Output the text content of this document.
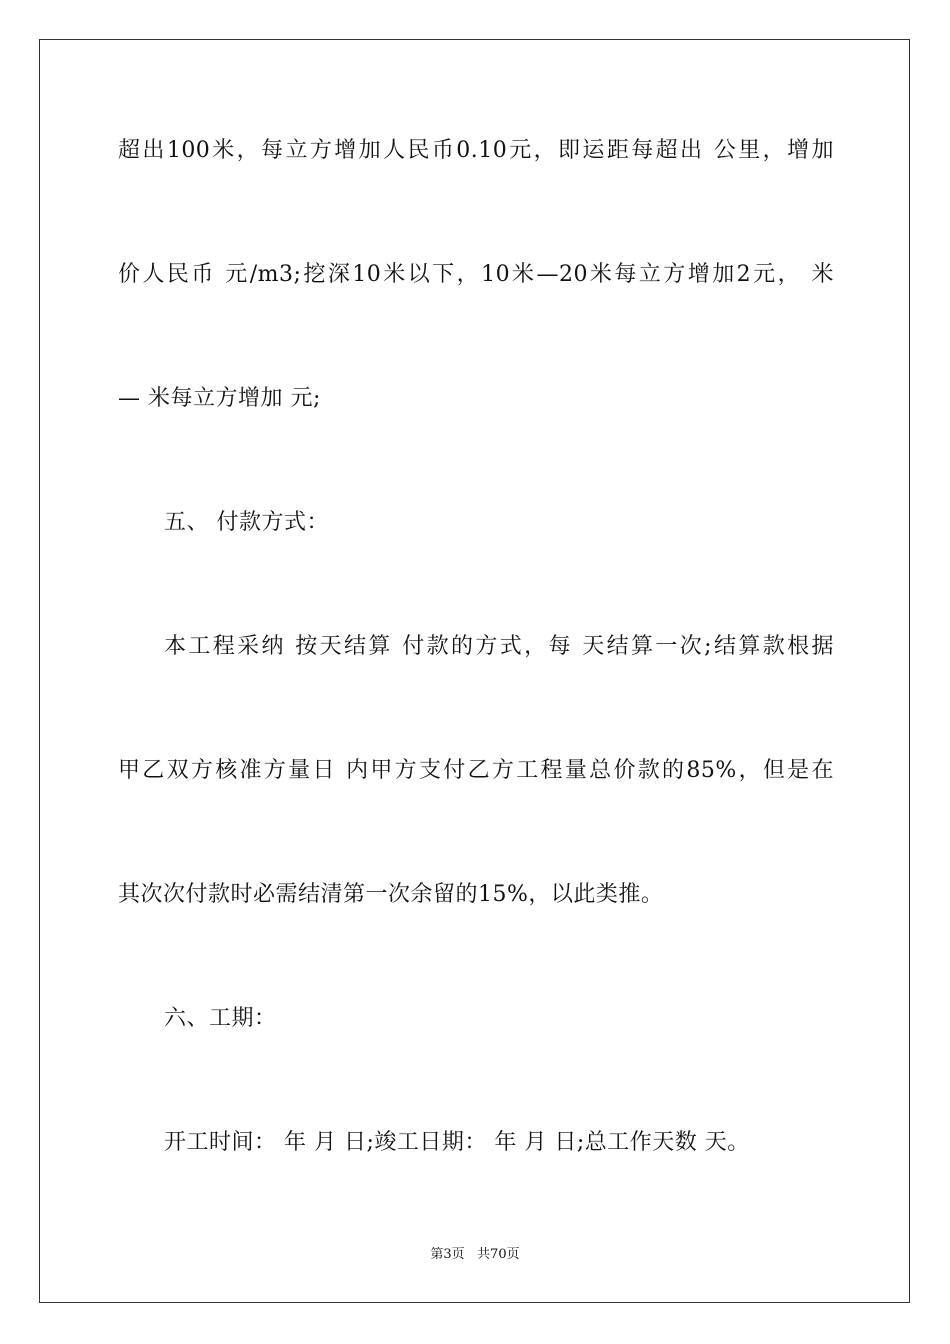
超出100米，每立方增加人民币0.10元，即运距每超出 公里，增加
价人民币 元/m3;挖深10米以下，10米—20米每立方增加2元， 米
— 米每立方增加 元;
五、 付款方式：
本工程采纳 按天结算 付款的方式，每 天结算一次;结算款根据
甲乙双方核准方量日 内甲方支付乙方工程量总价款的85%，但是在
其次次付款时必需结清第一次余留的15%，以此类推。
六、工期：
开工时间： 年 月 日;竣工日期： 年 月 日;总工作天数 天。
第3页   共70页
